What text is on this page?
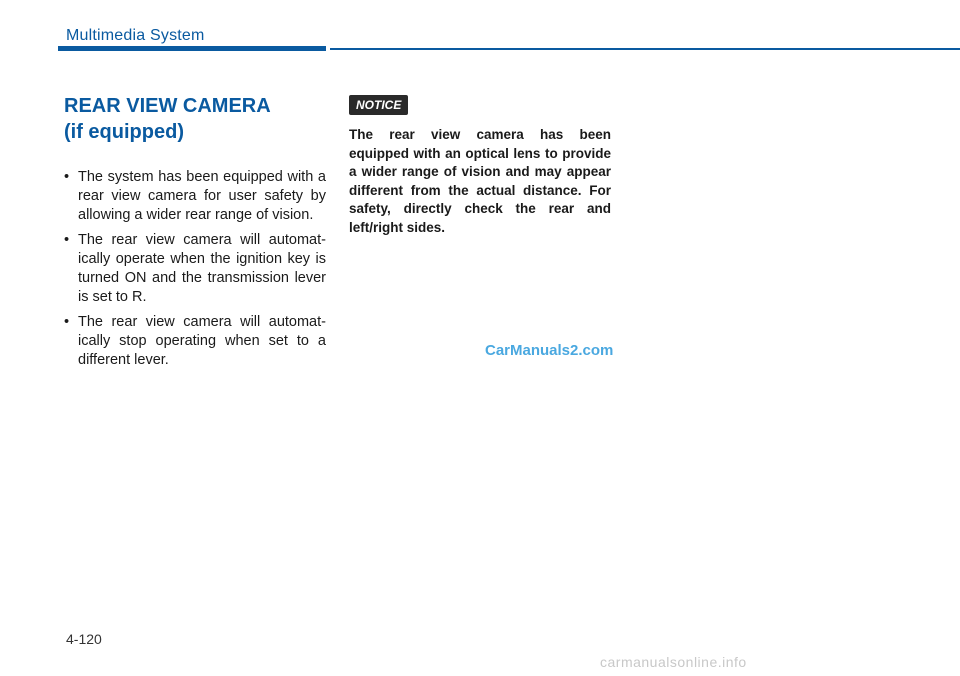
Multimedia System
REAR VIEW CAMERA
(if equipped)
• The system has been equipped with a rear view camera for user safety by allowing a wider rear range of vision.
• The rear view camera will automatically operate when the ignition key is turned ON and the transmission lever is set to R.
• The rear view camera will automatically stop operating when set to a different lever.
NOTICE
The rear view camera has been equipped with an optical lens to provide a wider range of vision and may appear different from the actual distance. For safety, directly check the rear and left/right sides.
CarManuals2.com
4-120
carmanualsonline.info
